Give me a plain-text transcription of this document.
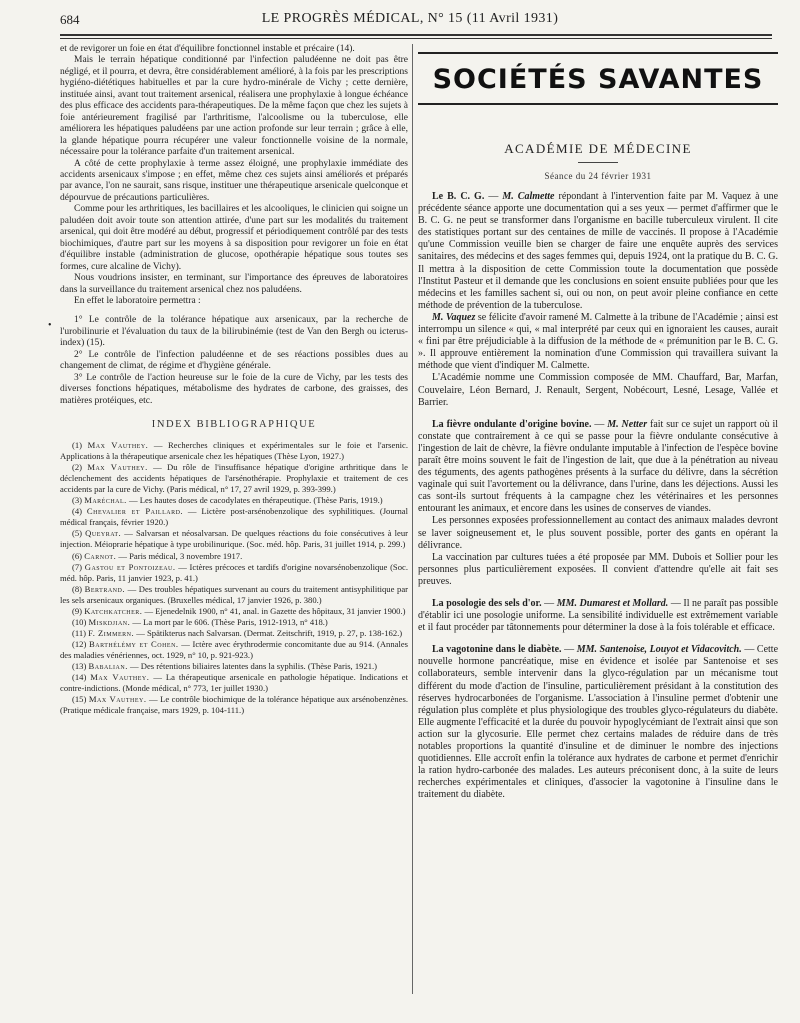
684	LE PROGRÈS MÉDICAL, N° 15 (11 Avril 1931)

et de revigorer un foie en état d'équilibre fonctionnel instable et précaire (14).

Mais le terrain hépatique conditionné par l'infection paludéenne ne doit pas être négligé, et il pourra, et devra, être considérablement amélioré, à la fois par les prescriptions hygiéno-diététiques habituelles et par la cure hydro-minérale de Vichy ; cette dernière, instituée ainsi, avant tout traitement arsenical, réalisera une prophylaxie à longue échéance des plus efficace des accidents para-thérapeutiques. De la même façon que chez les sujets à foie antérieurement fragilisé par l'arthritisme, l'alcoolisme ou la tuberculose, elle améliorera les hépatiques paludéens par une action profonde sur leur terrain ; grâce à elle, la glande hépatique pourra récupérer une valeur fonctionnelle voisine de la normale, nécessaire pour la tolérance parfaite d'un traitement arsenical.

A côté de cette prophylaxie à terme assez éloigné, une prophylaxie immédiate des accidents arsenicaux s'impose ; en effet, même chez ces sujets ainsi améliorés et préparés par avance, l'on ne saurait, sans risque, instituer une thérapeutique arsenicale quelconque et dépourvue de précautions particulières.

Comme pour les arthritiques, les bacillaires et les alcooliques, le clinicien qui soigne un paludéen doit avoir toute son attention attirée, d'une part sur les modalités du traitement arsenical, qui doit être modéré au début, progressif et périodiquement contrôlé par des tests biochimiques, d'autre part sur les moyens à sa disposition pour revigorer un foie en état d'équilibre instable (administration de glucose, opothérapie hépatique sous toutes ses formes, cure alcaline de Vichy).

Nous voudrions insister, en terminant, sur l'importance des épreuves de laboratoires dans la surveillance du traitement arsenical chez nos paludéens.

En effet le laboratoire permettra :

1° Le contrôle de la tolérance hépatique aux arsenicaux, par la recherche de l'urobilinurie et l'évaluation du taux de la bilirubinémie (test de Van den Bergh ou icterus-index) (15).

2° Le contrôle de l'infection paludéenne et de ses réactions possibles dues au changement de climat, de régime et d'hygiène générale.

3° Le contrôle de l'action heureuse sur le foie de la cure de Vichy, par les tests des diverses fonctions hépatiques, métabolisme des hydrates de carbone, des graisses, des matières protéiques, etc.

INDEX BIBLIOGRAPHIQUE

(1) Max Vauthey. — Recherches cliniques et expérimentales sur le foie et l'arsenic. Applications à la thérapeutique arsenicale chez les hépatiques (Thèse Lyon, 1927.)

(2) Max Vauthey. — Du rôle de l'insuffisance hépatique d'origine arthritique dans le déclenchement des accidents hépatiques de l'arsénothérapie. Prophylaxie et traitement de ces accidents par la cure de Vichy. (Paris médical, n° 17, 27 avril 1929, p. 393-399.)

(3) Maréchal. — Les hautes doses de cacodylates en thérapeutique. (Thèse Paris, 1919.)

(4) Chevalier et Paillard. — Lictère post-arsénobenzolique des syphilitiques. (Journal médical français, février 1920.)

(5) Queyrat. — Salvarsan et néosalvarsan. De quelques réactions du foie consécutives à leur injection. Méioprarie hépatique à type urobilinurique. (Soc. méd. hôp. Paris, 31 juillet 1914, p. 299.)

(6) Carnot. — Paris médical, 3 novembre 1917.

(7) Gastou et Pontoizeau. — Ictères précoces et tardifs d'origine novarsénobenzolique (Soc. méd. hôp. Paris, 11 janvier 1923, p. 41.)

(8) Bertrand. — Des troubles hépatiques survenant au cours du traitement antisyphilitique par les sels arsenicaux organiques. (Bruxelles médical, 17 janvier 1926, p. 380.)

(9) Katchkatcher. — Ejenedelnik 1900, n° 41, anal. in Gazette des hôpitaux, 31 janvier 1900.)

(10) Miskdjian. — La mort par le 606. (Thèse Paris, 1912-1913, n° 418.)

(11) F. Zimmern. — Spätikterus nach Salvarsan. (Dermat. Zeitschrift, 1919, p. 27, p. 138-162.)

(12) Barthélémy et Cohen. — Ictère avec érythrodermie concomitante due au 914. (Annales des maladies vénériennes, oct. 1929, n° 10, p. 921-923.)

(13) Babalian. — Des rétentions biliaires latentes dans la syphilis. (Thèse Paris, 1921.)

(14) Max Vauthey. — La thérapeutique arsenicale en pathologie hépatique. Indications et contre-indictions. (Monde médical, n° 773, 1er juillet 1930.)

(15) Max Vauthey. — Le contrôle biochimique de la tolérance hépatique aux arsénobenzènes. (Pratique médicale française, mars 1929, p. 104-111.)

•
SOCIÉTÉS SAVANTES
ACADÉMIE DE MÉDECINE
Séance du 24 février 1931

Le B. C. G. — M. Calmette répondant à l'intervention faite par M. Vaquez à une précédente séance apporte une documentation qui a ses yeux — permet d'affirmer que le B. C. G. ne peut se transformer dans l'organisme en bacille tuberculeux virulent. Il cite des statistiques portant sur des centaines de mille de vaccinés. Il propose à l'Académie qu'une Commission veuille bien se charger de faire une enquête auprès des services sanitaires, des médecins et des sages femmes qui, depuis 1924, ont la pratique du B. C. G. Il mettra à la disposition de cette Commission toute la documentation que possède l'Institut Pasteur et il demande que les conclusions en soient ensuite publiées pour que les médecins et les familles sachent si, oui ou non, on peut avoir pleine confiance en cette méthode de prévention de la tuberculose.

M. Vaquez se félicite d'avoir ramené M. Calmette à la tribune de l'Académie ; ainsi est interrompu un silence « qui, « mal interprété par ceux qui en ignoraient les causes, aurait « fini par être préjudiciable à la diffusion de la méthode de « prémunition par le B. C. G. ». Il approuve entièrement la nomination d'une Commission qui travaillera suivant la méthode que vient d'indiquer M. Calmette.

L'Académie nomme une Commission composée de MM. Chauffard, Bar, Marfan, Couvelaire, Léon Bernard, J. Renault, Sergent, Nobécourt, Lesné, Lesage, Vallée et Barrier.

La fièvre ondulante d'origine bovine. — M. Netter fait sur ce sujet un rapport où il constate que contrairement à ce qui se passe pour la fièvre ondulante consécutive à l'ingestion de lait de chèvre, la fièvre ondulante imputable à l'infection de l'espèce bovine paraît être moins souvent le fait de l'ingestion de lait, que due à la pénétration au niveau des téguments, des agents pathogènes présents à la surface du délivre, dans la sécrétion vaginale qui suit l'avortement ou la délivrance, dans l'urine, dans les déjections. Aussi les cas sont-ils surtout fréquents à la campagne chez les vétérinaires et les personnes entourant les animaux, et encore dans les usines de conserves de viandes.

Les personnes exposées professionnellement au contact des animaux malades devront se laver soigneusement et, le plus souvent possible, porter des gants en opérant la délivrance.

La vaccination par cultures tuées a été proposée par MM. Dubois et Sollier pour les personnes plus particulièrement exposées. Il convient d'attendre qu'elle ait fait ses preuves.

La posologie des sels d'or. — MM. Dumarest et Mollard. — Il ne paraît pas possible d'établir ici une posologie uniforme. La sensibilité individuelle est extrêmement variable et il faut procéder par tâtonnements pour déterminer la dose à la fois tolérable et efficace.

La vagotonine dans le diabète. — MM. Santenoise, Louyot et Vidacovitch. — Cette nouvelle hormone pancréatique, mise en évidence et isolée par Santenoise et ses collaborateurs, semble intervenir dans la glyco-régulation par un mécanisme tout différent du mode d'action de l'insuline, particulièrement présidant à la constitution des réserves hydrocarbonées de l'organisme. L'association à l'insuline permet d'obtenir une régulation plus complète et plus physiologique des troubles glyco-régulateurs du diabète. Elle augmente l'efficacité et la durée du pouvoir hypoglycémiant de l'extrait ainsi que son action sur la glycosurie. Elle permet chez certains malades de réduire dans de très notables proportions la quantité d'insuline et de diminuer le nombre des injections quotidiennes. Elle accroît enfin la tolérance aux hydrates de carbone et permet d'enrichir la ration hydro-carbonée des malades. Les auteurs préconisent donc, à la suite de leurs recherches expérimentales et cliniques, d'associer la vagotonine à l'insuline dans le traitement du diabète.
